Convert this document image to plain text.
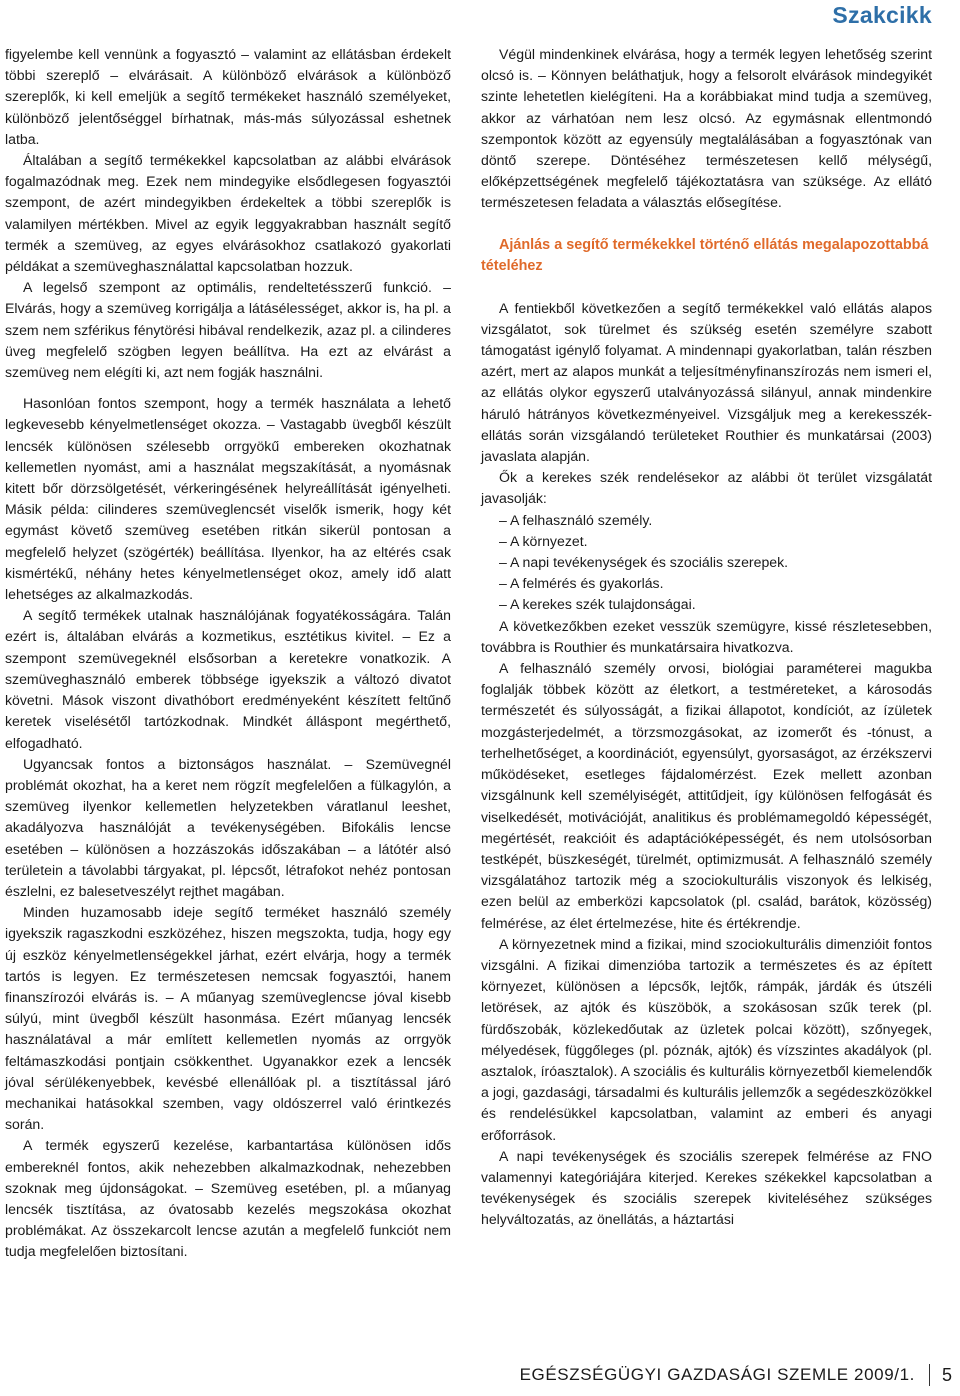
Szakcikk

figyelembe kell vennünk a fogyasztó – valamint az ellátásban érdekelt többi szereplő – elvárásait. A különböző elvárások a különböző szereplők, ki kell emeljük a segítő termékeket használó személyeket, különböző jelentőséggel bírhatnak, más-más súlyozással eshetnek latba.

Általában a segítő termékekkel kapcsolatban az alábbi elvárások fogalmazódnak meg. Ezek nem mindegyike elsődlegesen fogyasztói szempont, de azért mindegyikben érdekeltek a többi szereplők is valamilyen mértékben. Mivel az egyik leggyakrabban használt segítő termék a szemüveg, az egyes elvárásokhoz csatlakozó gyakorlati példákat a szemüveghasználattal kapcsolatban hozzuk.

A legelső szempont az optimális, rendeltetésszerű funkció. – Elvárás, hogy a szemüveg korrigálja a látásélességet, akkor is, ha pl. a szem nem szférikus fénytörési hibával rendelkezik, azaz pl. a cilinderes üveg megfelelő szögben legyen beállítva. Ha ezt az elvárást a szemüveg nem elégíti ki, azt nem fogják használni.

Hasonlóan fontos szempont, hogy a termék használata a lehető legkevesebb kényelmetlenséget okozza. – Vastagabb üvegből készült lencsék különösen szélesebb orrgyökű embereken okozhatnak kellemetlen nyomást, ami a használat megszakítását, a nyomásnak kitett bőr dörzsölgetését, vérkeringésének helyreállítását igényelheti. Másik példa: cilinderes szemüveglencsét viselők ismerik, hogy két egymást követő szemüveg esetében ritkán sikerül pontosan a megfelelő helyzet (szögérték) beállítása. Ilyenkor, ha az eltérés csak kismértékű, néhány hetes kényelmetlenséget okoz, amely idő alatt lehetséges az alkalmazkodás.

A segítő termékek utalnak használójának fogyatékosságára. Talán ezért is, általában elvárás a kozmetikus, esztétikus kivitel. – Ez a szempont szemüvegeknél elsősorban a keretekre vonatkozik. A szemüveghasználó emberek többsége igyekszik a változó divatot követni. Mások viszont divathóbort eredményeként készített feltűnő keretek viselésétől tartózkodnak. Mindkét álláspont megérthető, elfogadható.

Ugyancsak fontos a biztonságos használat. – Szemüvegnél problémát okozhat, ha a keret nem rögzít megfelelően a fülkagylón, a szemüveg ilyenkor kellemetlen helyzetekben váratlanul leeshet, akadályozva használóját a tevékenységében. Bifokális lencse esetében – különösen a hozzászokás időszakában – a látótér alsó területein a távolabbi tárgyakat, pl. lépcsőt, létrafokot nehéz pontosan észlelni, ez balesetveszélyt rejthet magában.

Minden huzamosabb ideje segítő terméket használó személy igyekszik ragaszkodni eszközéhez, hiszen megszokta, tudja, hogy egy új eszköz kényelmetlenségekkel járhat, ezért elvárja, hogy a termék tartós is legyen. Ez természetesen nemcsak fogyasztói, hanem finanszírozói elvárás is. – A műanyag szemüveglencse jóval kisebb súlyú, mint üvegből készült hasonmása. Ezért műanyag lencsék használatával a már említett kellemetlen nyomás az orrgyök feltámaszkodási pontjain csökkenthet. Ugyanakkor ezek a lencsék jóval sérülékenyebbek, kevésbé ellenállóak pl. a tisztítással járó mechanikai hatásokkal szemben, vagy oldószerrel való érintkezés során.

A termék egyszerű kezelése, karbantartása különösen idős embereknél fontos, akik nehezebben alkalmazkodnak, nehezebben szoknak meg újdonságokat. – Szemüveg esetében, pl. a műanyag lencsék tisztítása, az óvatosabb kezelés megszokása okozhat problémákat. Az összekarcolt lencse azután a megfelelő funkciót nem tudja megfelelően biztosítani.

Végül mindenkinek elvárása, hogy a termék legyen lehetőség szerint olcsó is. – Könnyen beláthatjuk, hogy a felsorolt elvárások mindegyikét szinte lehetetlen kielégíteni. Ha a korábbiakat mind tudja a szemüveg, akkor az várhatóan nem lesz olcsó. Az egymásnak ellentmondó szempontok között az egyensúly megtalálásában a fogyasztónak van döntő szerepe. Döntéséhez természetesen kellő mélységű, előképzettségének megfelelő tájékoztatásra van szüksége. Az ellátó természetesen feladata a választás elősegítése.

Ajánlás a segítő termékekkel történő ellátás megalapozottabbá tételéhez

A fentiekből következően a segítő termékekkel való ellátás alapos vizsgálatot, sok türelmet és szükség esetén személyre szabott támogatást igénylő folyamat. A mindennapi gyakorlatban, talán részben azért, mert az alapos munkát a teljesítményfinanszírozás nem ismeri el, az ellátás olykor egyszerű utalványozássá silányul, annak mindenkire háruló hátrányos következményeivel. Vizsgáljuk meg a kerekesszék-ellátás során vizsgálandó területeket Routhier és munkatársai (2003) javaslata alapján.

Ők a kerekes szék rendelésekor az alábbi öt terület vizsgálatát javasolják:

– A felhasználó személy.

– A környezet.

– A napi tevékenységek és szociális szerepek.

– A felmérés és gyakorlás.

– A kerekes szék tulajdonságai.

A következőkben ezeket vesszük szemügyre, kissé részletesebben, továbbra is Routhier és munkatársaira hivatkozva.

A felhasználó személy orvosi, biológiai paraméterei magukba foglalják többek között az életkort, a testméreteket, a károsodás természetét és súlyosságát, a fizikai állapotot, kondíciót, az ízületek mozgásterjedelmét, a törzsmozgásokat, az izomerőt és -tónust, a terhelhetőséget, a koordinációt, egyensúlyt, gyorsaságot, az érzékszervi működéseket, esetleges fájdalomérzést. Ezek mellett azonban vizsgálnunk kell személyiségét, attitűdjeit, így különösen felfogását és viselkedését, motivációját, analitikus és problémamegoldó képességét, megértését, reakcióit és adaptációképességét, és nem utolsósorban testképét, büszkeségét, türelmét, optimizmusát. A felhasználó személy vizsgálatához tartozik még a szociokulturális viszonyok és lelkiség, ezen belül az emberközi kapcsolatok (pl. család, barátok, közösség) felmérése, az élet értelmezése, hite és értékrendje.

A környezetnek mind a fizikai, mind szociokulturális dimenzióit fontos vizsgálni. A fizikai dimenzióba tartozik a természetes és az épített környezet, különösen a lépcsők, lejtők, rámpák, járdák és útszéli letörések, az ajtók és küszöbök, a szokásosan szűk terek (pl. fürdőszobák, közlekedőutak az üzletek polcai között), szőnyegek, mélyedések, függőleges (pl. póznák, ajtók) és vízszintes akadályok (pl. asztalok, íróasztalok). A szociális és kulturális környezetből kiemelendők a jogi, gazdasági, társadalmi és kulturális jellemzők a segédeszközökkel és rendelésükkel kapcsolatban, valamint az emberi és anyagi erőforrások.

A napi tevékenységek és szociális szerepek felmérése az FNO valamennyi kategóriájára kiterjed. Kerekes székekkel kapcsolatban a tevékenységek és szociális szerepek kiviteléséhez szükséges helyváltozatás, az önellátás, a háztartási

EGÉSZSÉGÜGYI GAZDASÁGI SZEMLE 2009/1. 5
